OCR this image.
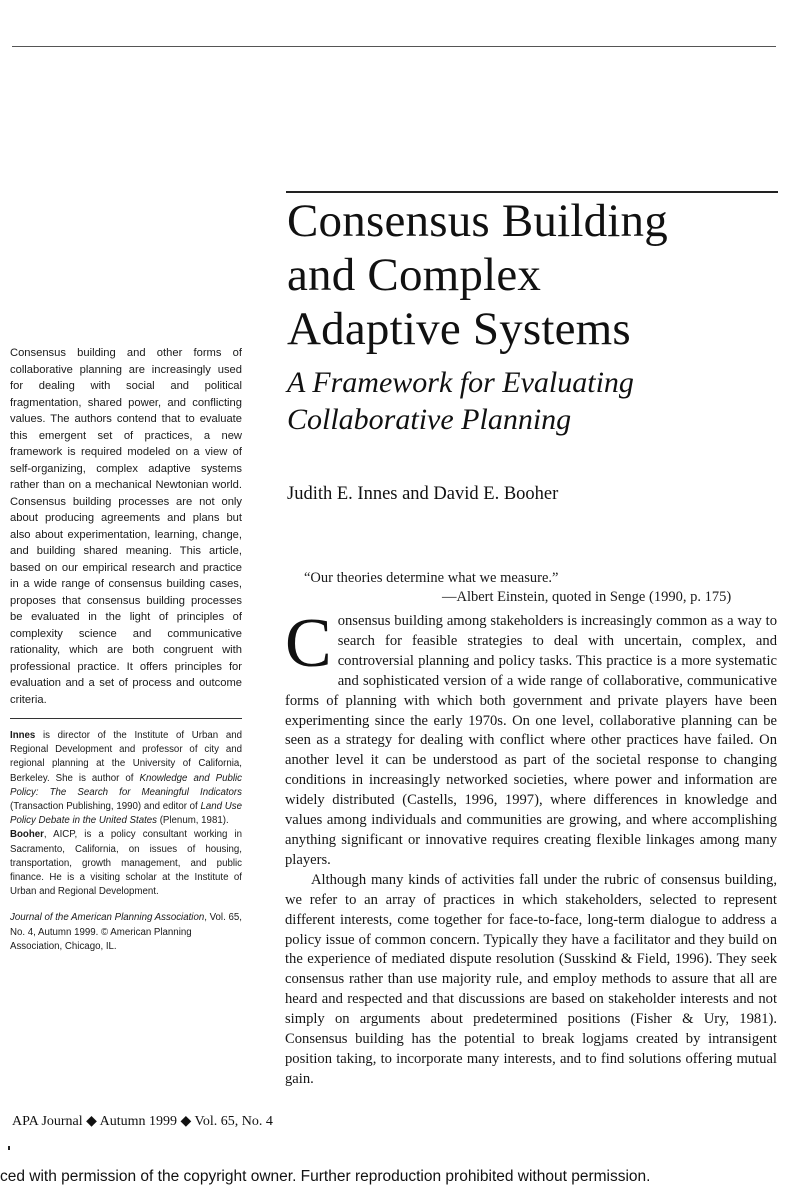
Consensus Building
and Complex
Adaptive Systems
A Framework for Evaluating
Collaborative Planning
Judith E. Innes and David E. Booher
Consensus building and other forms of collaborative planning are increasingly used for dealing with social and political fragmentation, shared power, and conflicting values. The authors contend that to evaluate this emergent set of practices, a new framework is required modeled on a view of self-organizing, complex adaptive systems rather than on a mechanical Newtonian world. Consensus building processes are not only about producing agreements and plans but also about experimentation, learning, change, and building shared meaning. This article, based on our empirical research and practice in a wide range of consensus building cases, proposes that consensus building processes be evaluated in the light of principles of complexity science and communicative rationality, which are both congruent with professional practice. It offers principles for evaluation and a set of process and outcome criteria.
Innes is director of the Institute of Urban and Regional Development and professor of city and regional planning at the University of California, Berkeley. She is author of Knowledge and Public Policy: The Search for Meaningful Indicators (Transaction Publishing, 1990) and editor of Land Use Policy Debate in the United States (Plenum, 1981).
Booher, AICP, is a policy consultant working in Sacramento, California, on issues of housing, transportation, growth management, and public finance. He is a visiting scholar at the Institute of Urban and Regional Development.
Journal of the American Planning Association, Vol. 65, No. 4, Autumn 1999. © American Planning Association, Chicago, IL.
“Our theories determine what we measure.”
—Albert Einstein, quoted in Senge (1990, p. 175)

Consensus building among stakeholders is increasingly common as a way to search for feasible strategies to deal with uncertain, complex, and controversial planning and policy tasks. This practice is a more systematic and sophisticated version of a wide range of collaborative, communicative forms of planning with which both government and private players have been experimenting since the early 1970s. On one level, collaborative planning can be seen as a strategy for dealing with conflict where other practices have failed. On another level it can be understood as part of the societal response to changing conditions in increasingly networked societies, where power and information are widely distributed (Castells, 1996, 1997), where differences in knowledge and values among individuals and communities are growing, and where accomplishing anything significant or innovative requires creating flexible linkages among many players.

Although many kinds of activities fall under the rubric of consensus building, we refer to an array of practices in which stakeholders, selected to represent different interests, come together for face-to-face, long-term dialogue to address a policy issue of common concern. Typically they have a facilitator and they build on the experience of mediated dispute resolution (Susskind & Field, 1996). They seek consensus rather than use majority rule, and employ methods to assure that all are heard and respected and that discussions are based on stakeholder interests and not simply on arguments about predetermined positions (Fisher & Ury, 1981). Consensus building has the potential to break logjams created by intransigent position taking, to incorporate many interests, and to find solutions offering mutual gain.

APA Journal ◆ Autumn 1999 ◆ Vol. 65, No. 4
ced with permission of the copyright owner. Further reproduction prohibited without permission.
